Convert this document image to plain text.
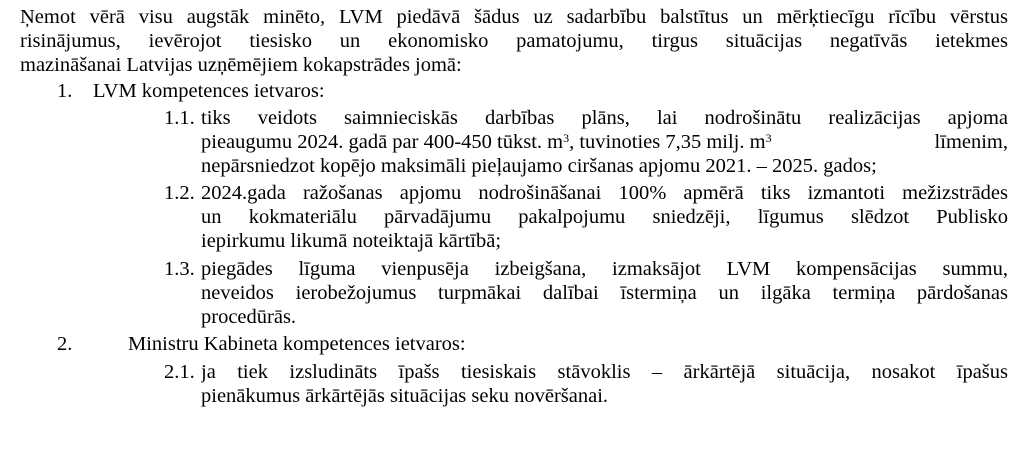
Ņemot vērā visu augstāk minēto, LVM piedāvā šādus uz sadarbību balstītus un mērķtiecīgu rīcību vērstus
risinājumus, ievērojot tiesisko un ekonomisko pamatojumu, tirgus situācijas negatīvās ietekmes
mazināšanai Latvijas uzņēmējiem kokapstrādes jomā:
1. LVM kompetences ietvaros:
1.1. tiks veidots saimnieciskās darbības plāns, lai nodrošinātu realizācijas apjoma
pieaugumu 2024. gadā par 400-450 tūkst. $m^3$, tuvinoties 7,35 milj. $m^3$	līmenim,
nepārsniedzot kopējo maksimāli pieļaujamo ciršanas apjomu 2021. – 2025. gados;
1.2. 2024.gada ražošanas apjomu nodrošināšanai 100% apmērā tiks izmantoti mežizstrādes
un kokmateriālu pārvadājumu pakalpojumu sniedzēji, līgumus slēdzot Publisko
iepirkumu likumā noteiktajā kārtībā;
1.3. piegādes līguma vienpusēja izbeigšana, izmaksājot LVM kompensācijas summu,
neveidos ierobežojumus turpmākai dalībai īstermiņa un ilgāka termiņa pārdošanas
procedūrās.
2.	Ministru Kabineta kompetences ietvaros:
2.1. ja tiek izsludināts īpašs tiesiskais stāvoklis – ārkārtējā situācija, nosakot īpašus
pienākumus ārkārtējās situācijas seku novēršanai.
